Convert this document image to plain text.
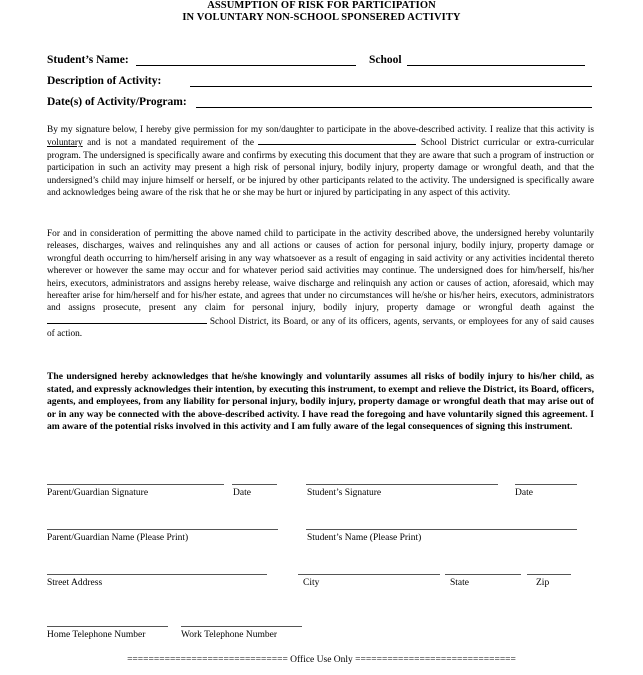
ASSUMPTION OF RISK FOR PARTICIPATION
IN VOLUNTARY NON-SCHOOL SPONSERED ACTIVITY
Student’s Name:	School
Description of Activity:
Date(s) of Activity/Program:
By my signature below, I hereby give permission for my son/daughter to participate in the above-described activity. I realize that this activity is voluntary and is not a mandated requirement of the	School District curricular or extra-curricular program. The undersigned is specifically aware and confirms by executing this document that they are aware that such a program of instruction or participation in such an activity may present a high risk of personal injury, bodily injury, property damage or wrongful death, and that the undersigned’s child may injure himself or herself, or be injured by other participants related to the activity. The undersigned is specifically aware and acknowledges being aware of the risk that he or she may be hurt or injured by participating in any aspect of this activity.
For and in consideration of permitting the above named child to participate in the activity described above, the undersigned hereby voluntarily releases, discharges, waives and relinquishes any and all actions or causes of action for personal injury, bodily injury, property damage or wrongful death occurring to him/herself arising in any way whatsoever as a result of engaging in said activity or any activities incidental thereto wherever or however the same may occur and for whatever period said activities may continue. The undersigned does for him/herself, his/her heirs, executors, administrators and assigns hereby release, waive discharge and relinquish any action or causes of action, aforesaid, which may hereafter arise for him/herself and for his/her estate, and agrees that under no circumstances will he/she or his/her heirs, executors, administrators and assigns prosecute, present any claim for personal injury, bodily injury, property damage or wrongful death against the  School District, its Board, or any of its officers, agents, servants, or employees for any of said causes of action.
The undersigned hereby acknowledges that he/she knowingly and voluntarily assumes all risks of bodily injury to his/her child, as stated, and expressly acknowledges their intention, by executing this instrument, to exempt and relieve the District, its Board, officers, agents, and employees, from any liability for personal injury, bodily injury, property damage or wrongful death that may arise out of or in any way be connected with the above-described activity. I have read the foregoing and have voluntarily signed this agreement. I am aware of the potential risks involved in this activity and I am fully aware of the legal consequences of signing this instrument.
Parent/Guardian Signature	Date	Student’s Signature	Date
Parent/Guardian Name (Please Print)	Student’s Name (Please Print)
Street Address	City	State	Zip
Home Telephone Number	Work Telephone Number
============================== Office Use Only ==============================
